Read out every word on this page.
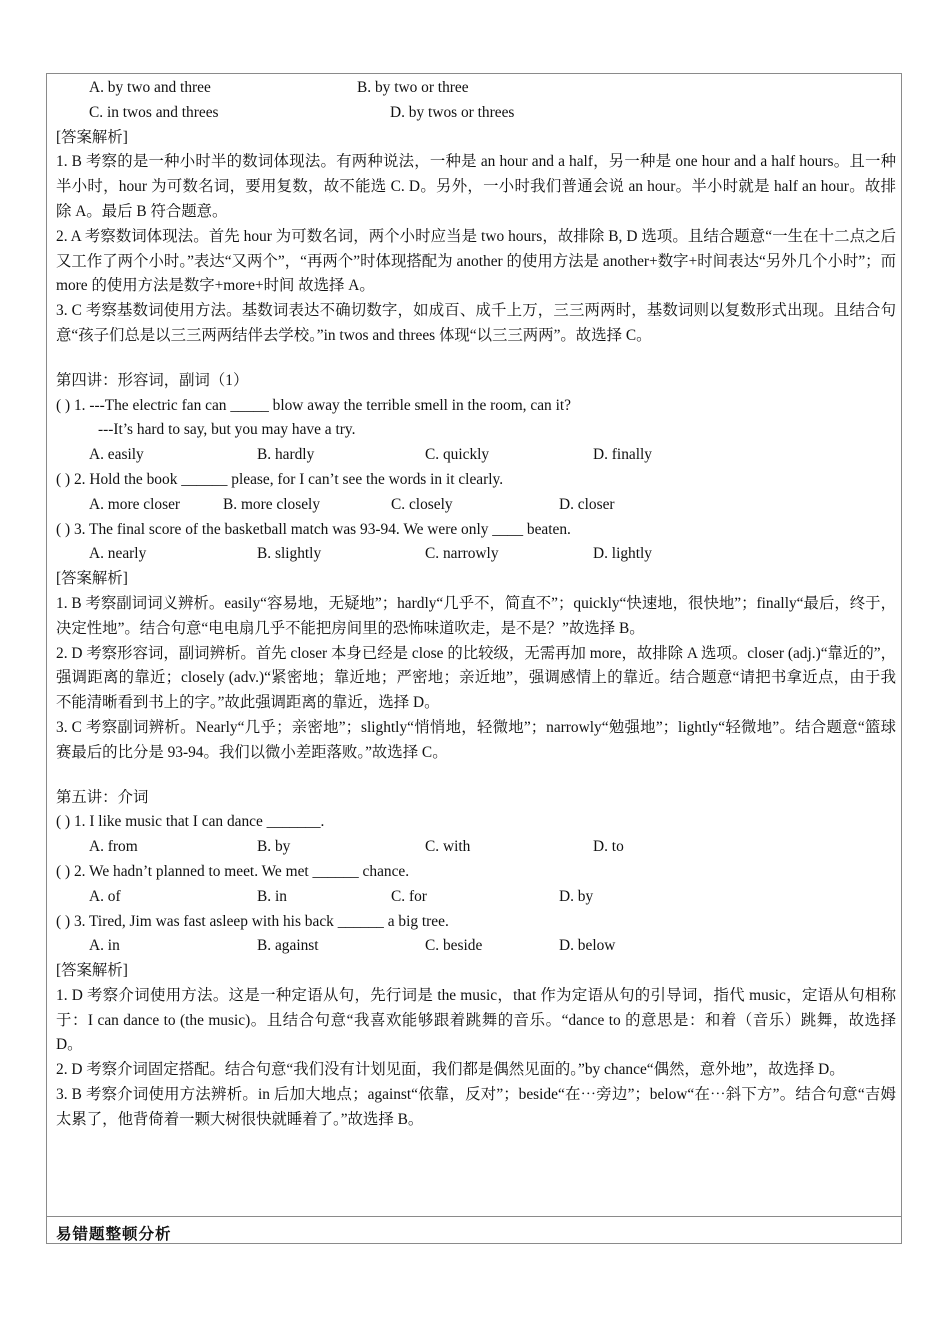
A. by two and three	B. by two or three
C. in twos and threes	D. by twos or threes
[答案解析]
1. B 考察的是一种小时半的数词体现法。有两种说法，一种是 an hour and a half，另一种是 one hour and a half hours。且一种半小时，hour 为可数名词，要用复数，故不能选 C. D。另外，一小时我们普通会说 an hour。半小时就是 half an hour。故排除 A。最后 B 符合题意。
2. A 考察数词体现法。首先 hour 为可数名词，两个小时应当是 two hours，故排除 B, D 选项。且结合题意“一生在十二点之后又工作了两个小时。”表达“又两个”，“再两个”时体现搭配为 another 的使用方法是 another+数字+时间表达“另外几个小时”；而 more 的使用方法是数字+more+时间 故选择 A。
3. C 考察基数词使用方法。基数词表达不确切数字，如成百、成千上万，三三两两时，基数词则以复数形式出现。且结合句意“孩子们总是以三三两两结伴去学校。”in twos and threes 体现“以三三两两”。故选择 C。
第四讲：形容词，副词（1）
( ) 1. ---The electric fan can _____ blow away the terrible smell in the room, can it?
---It’s hard to say, but you may have a try.
A. easily	B. hardly	C. quickly	D. finally
( ) 2. Hold the book ______ please, for I can’t see the words in it clearly.
A. more closer	B. more closely	C. closely	D. closer
( ) 3. The final score of the basketball match was 93-94. We were only ____ beaten.
A. nearly	B. slightly	C. narrowly	D. lightly
[答案解析]
1. B 考察副词词义辨析。easily“容易地，无疑地”；hardly“几乎不，简直不”；quickly“快速地，很快地”；finally“最后，终于，决定性地”。结合句意“电电扇几乎不能把房间里的恐怖味道吹走，是不是？”故选择 B。
2. D 考察形容词，副词辨析。首先 closer 本身已经是 close 的比较级，无需再加 more，故排除 A 选项。closer (adj.)“靠近的”，强调距离的靠近；closely (adv.)“紧密地；靠近地；严密地；亲近地”，强调感情上的靠近。结合题意“请把书拿近点，由于我不能清晰看到书上的字。”故此强调距离的靠近，选择 D。
3. C 考察副词辨析。Nearly“几乎；亲密地”；slightly“悄悄地，轻微地”；narrowly“勉强地”；lightly“轻微地”。结合题意“篮球赛最后的比分是 93-94。我们以微小差距落败。”故选择 C。
第五讲：介词
( ) 1. I like music that I can dance _______.
A. from	B. by	C. with	D. to
( ) 2. We hadn’t planned to meet. We met ______ chance.
A. of	B. in	C. for	D. by
( ) 3. Tired, Jim was fast asleep with his back ______ a big tree.
A. in	B. against	C. beside	D. below
[答案解析]
1. D 考察介词使用方法。这是一种定语从句，先行词是 the music，that 作为定语从句的引导词，指代 music，定语从句相称于：I can dance to (the music)。且结合句意“我喜欢能够跟着跳舞的音乐。“dance to 的意思是：和着（音乐）跳舞，故选择 D。
2. D 考察介词固定搭配。结合句意“我们没有计划见面，我们都是偶然见面的。”by chance“偶然，意外地”，故选择 D。
3. B 考察介词使用方法辨析。in 后加大地点；against“依靠，反对”；beside“在⋯旁边”；below“在⋯斜下方”。结合句意“吉姆太累了，他背倚着一颗大树很快就睡着了。”故选择 B。
易错题整顿分析
